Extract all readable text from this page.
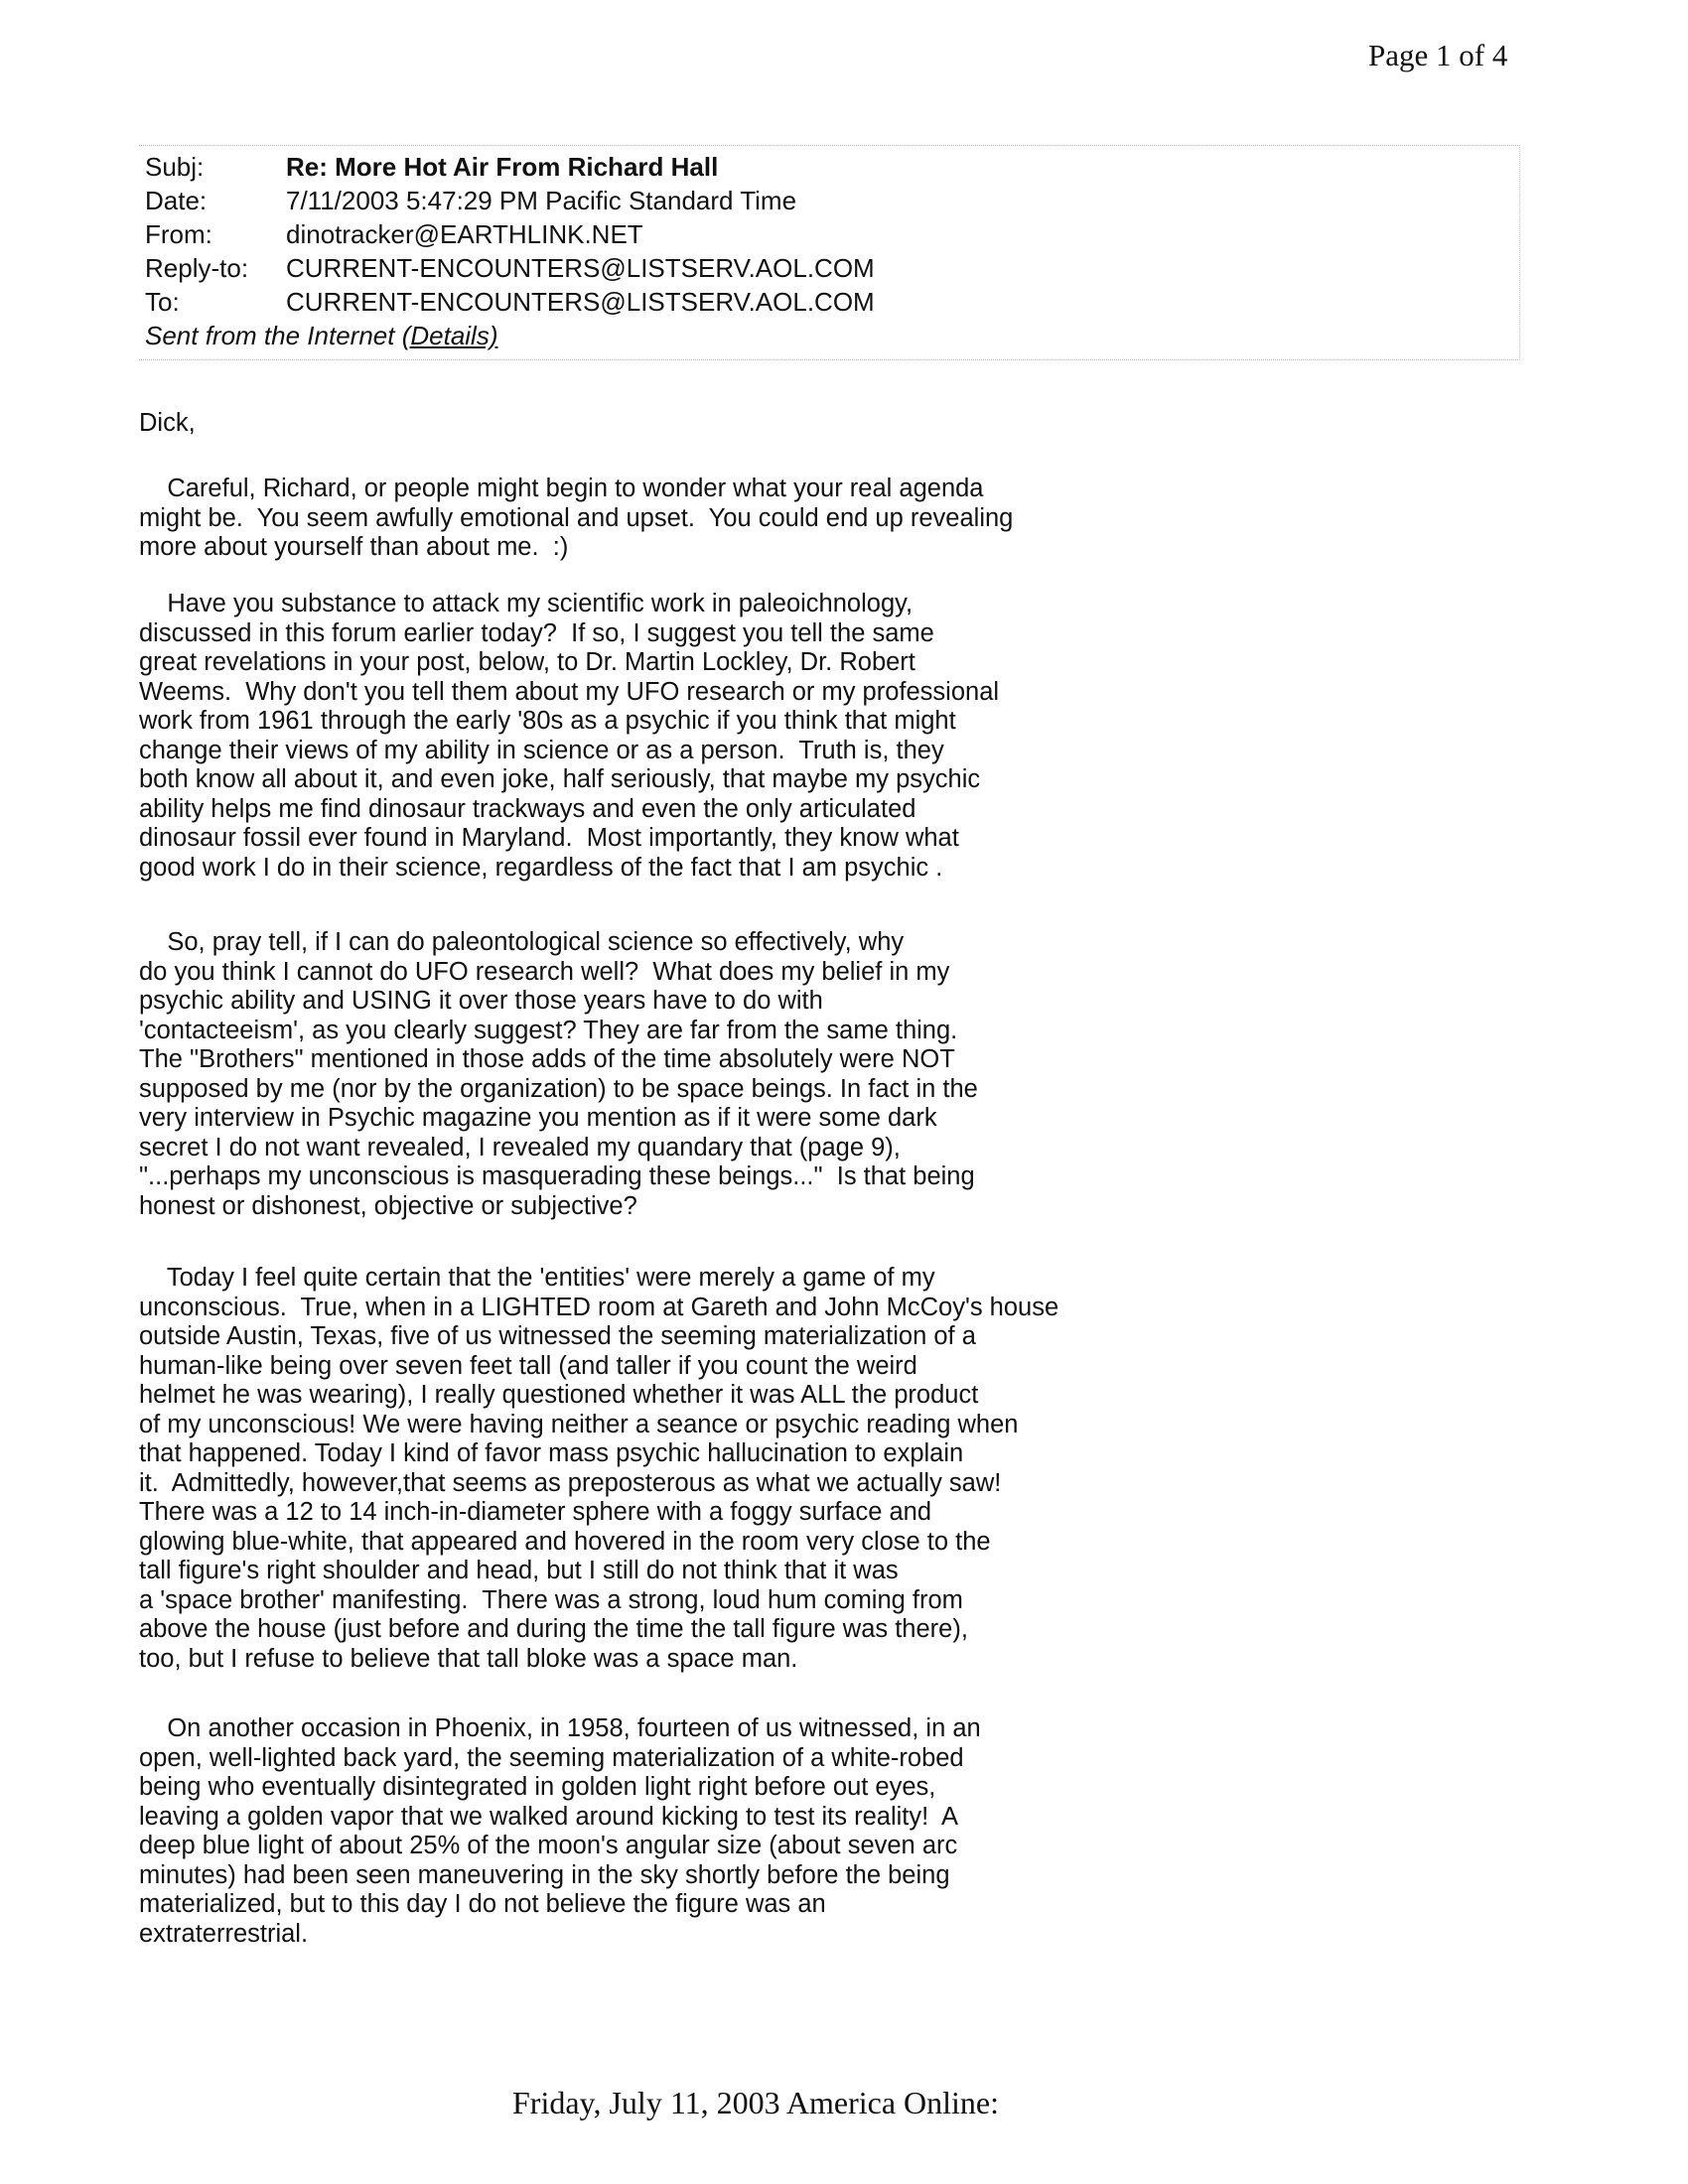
Page 1 of 4
Subj:	Re: More Hot Air From Richard Hall
Date:	7/11/2003 5:47:29 PM Pacific Standard Time
From:	dinotracker@EARTHLINK.NET
Reply-to: CURRENT-ENCOUNTERS@LISTSERV.AOL.COM
To:	CURRENT-ENCOUNTERS@LISTSERV.AOL.COM
Sent from the Internet (Details)
Dick,
Careful, Richard, or people might begin to wonder what your real agenda
might be.  You seem awfully emotional and upset.  You could end up revealing
more about yourself than about me.  :)
Have you substance to attack my scientific work in paleoichnology,
discussed in this forum earlier today?  If so, I suggest you tell the same
great revelations in your post, below, to Dr. Martin Lockley, Dr. Robert
Weems.  Why don't you tell them about my UFO research or my professional
work from 1961 through the early '80s as a psychic if you think that might
change their views of my ability in science or as a person.  Truth is, they
both know all about it, and even joke, half seriously, that maybe my psychic
ability helps me find dinosaur trackways and even the only articulated
dinosaur fossil ever found in Maryland.  Most importantly, they know what
good work I do in their science, regardless of the fact that I am psychic .
So, pray tell, if I can do paleontological science so effectively, why
do you think I cannot do UFO research well?  What does my belief in my
psychic ability and USING it over those years have to do with
'contacteeism', as you clearly suggest? They are far from the same thing.
The "Brothers" mentioned in those adds of the time absolutely were NOT
supposed by me (nor by the organization) to be space beings. In fact in the
very interview in Psychic magazine you mention as if it were some dark
secret I do not want revealed, I revealed my quandary that (page 9),
"...perhaps my unconscious is masquerading these beings..."  Is that being
honest or dishonest, objective or subjective?
Today I feel quite certain that the 'entities' were merely a game of my
unconscious.  True, when in a LIGHTED room at Gareth and John McCoy's house
outside Austin, Texas, five of us witnessed the seeming materialization of a
human-like being over seven feet tall (and taller if you count the weird
helmet he was wearing), I really questioned whether it was ALL the product
of my unconscious! We were having neither a seance or psychic reading when
that happened. Today I kind of favor mass psychic hallucination to explain
it.  Admittedly, however,that seems as preposterous as what we actually saw!
There was a 12 to 14 inch-in-diameter sphere with a foggy surface and
glowing blue-white, that appeared and hovered in the room very close to the
tall figure's right shoulder and head, but I still do not think that it was
a 'space brother' manifesting.  There was a strong, loud hum coming from
above the house (just before and during the time the tall figure was there),
too, but I refuse to believe that tall bloke was a space man.
On another occasion in Phoenix, in 1958, fourteen of us witnessed, in an
open, well-lighted back yard, the seeming materialization of a white-robed
being who eventually disintegrated in golden light right before out eyes,
leaving a golden vapor that we walked around kicking to test its reality!  A
deep blue light of about 25% of the moon's angular size (about seven arc
minutes) had been seen maneuvering in the sky shortly before the being
materialized, but to this day I do not believe the figure was an
extraterrestrial.
Friday, July 11, 2003 America Online:
